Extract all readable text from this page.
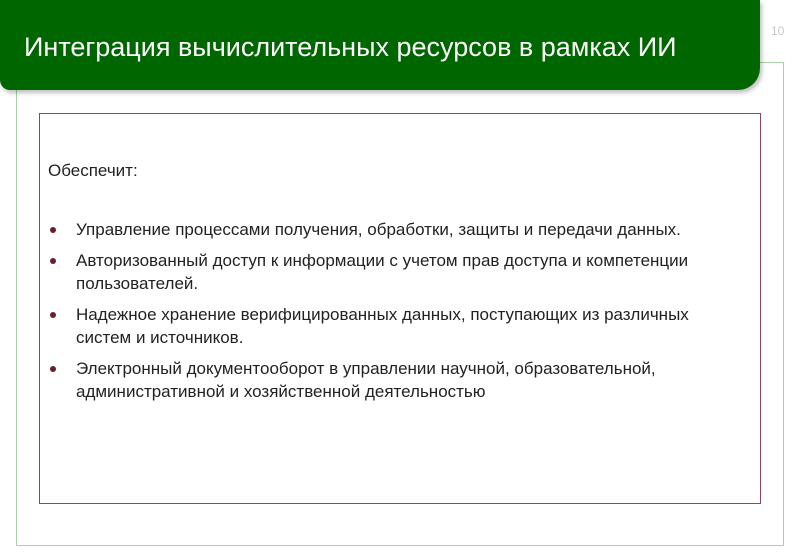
Интеграция вычислительных ресурсов в рамках ИИ
10
Обеспечит:
Управление процессами получения, обработки, защиты и передачи данных.
Авторизованный доступ к информации с учетом прав доступа и компетенции пользователей.
Надежное хранение верифицированных данных, поступающих из различных систем и источников.
Электронный документооборот в управлении научной, образовательной, административной и хозяйственной деятельностью
